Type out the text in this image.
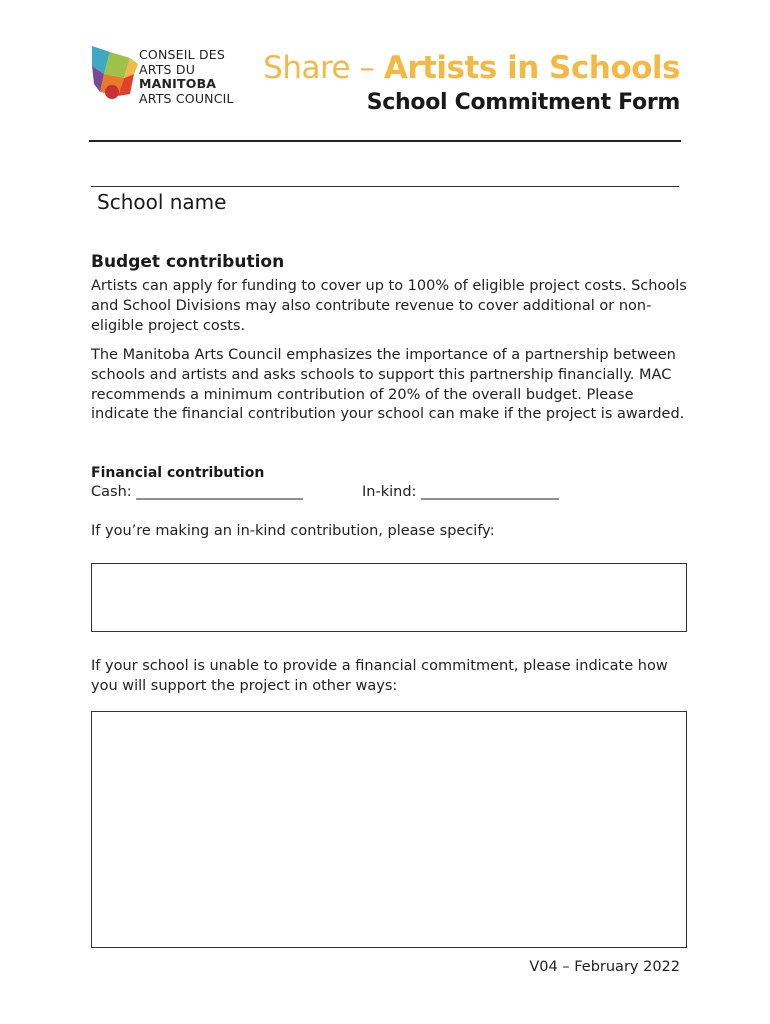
CONSEIL DES
ARTS DU
MANITOBA
ARTS COUNCIL
Share – Artists in Schools
School Commitment Form
School name
Budget contribution
Artists can apply for funding to cover up to 100% of eligible project costs. Schools and School Divisions may also contribute revenue to cover additional or non-eligible project costs.
The Manitoba Arts Council emphasizes the importance of a partnership between schools and artists and asks schools to support this partnership financially. MAC recommends a minimum contribution of 20% of the overall budget. Please indicate the financial contribution your school can make if the project is awarded.
Financial contribution
Cash: _______________________	In-kind: ___________________
If you’re making an in-kind contribution, please specify:
If your school is unable to provide a financial commitment, please indicate how you will support the project in other ways:
V04 – February 2022
